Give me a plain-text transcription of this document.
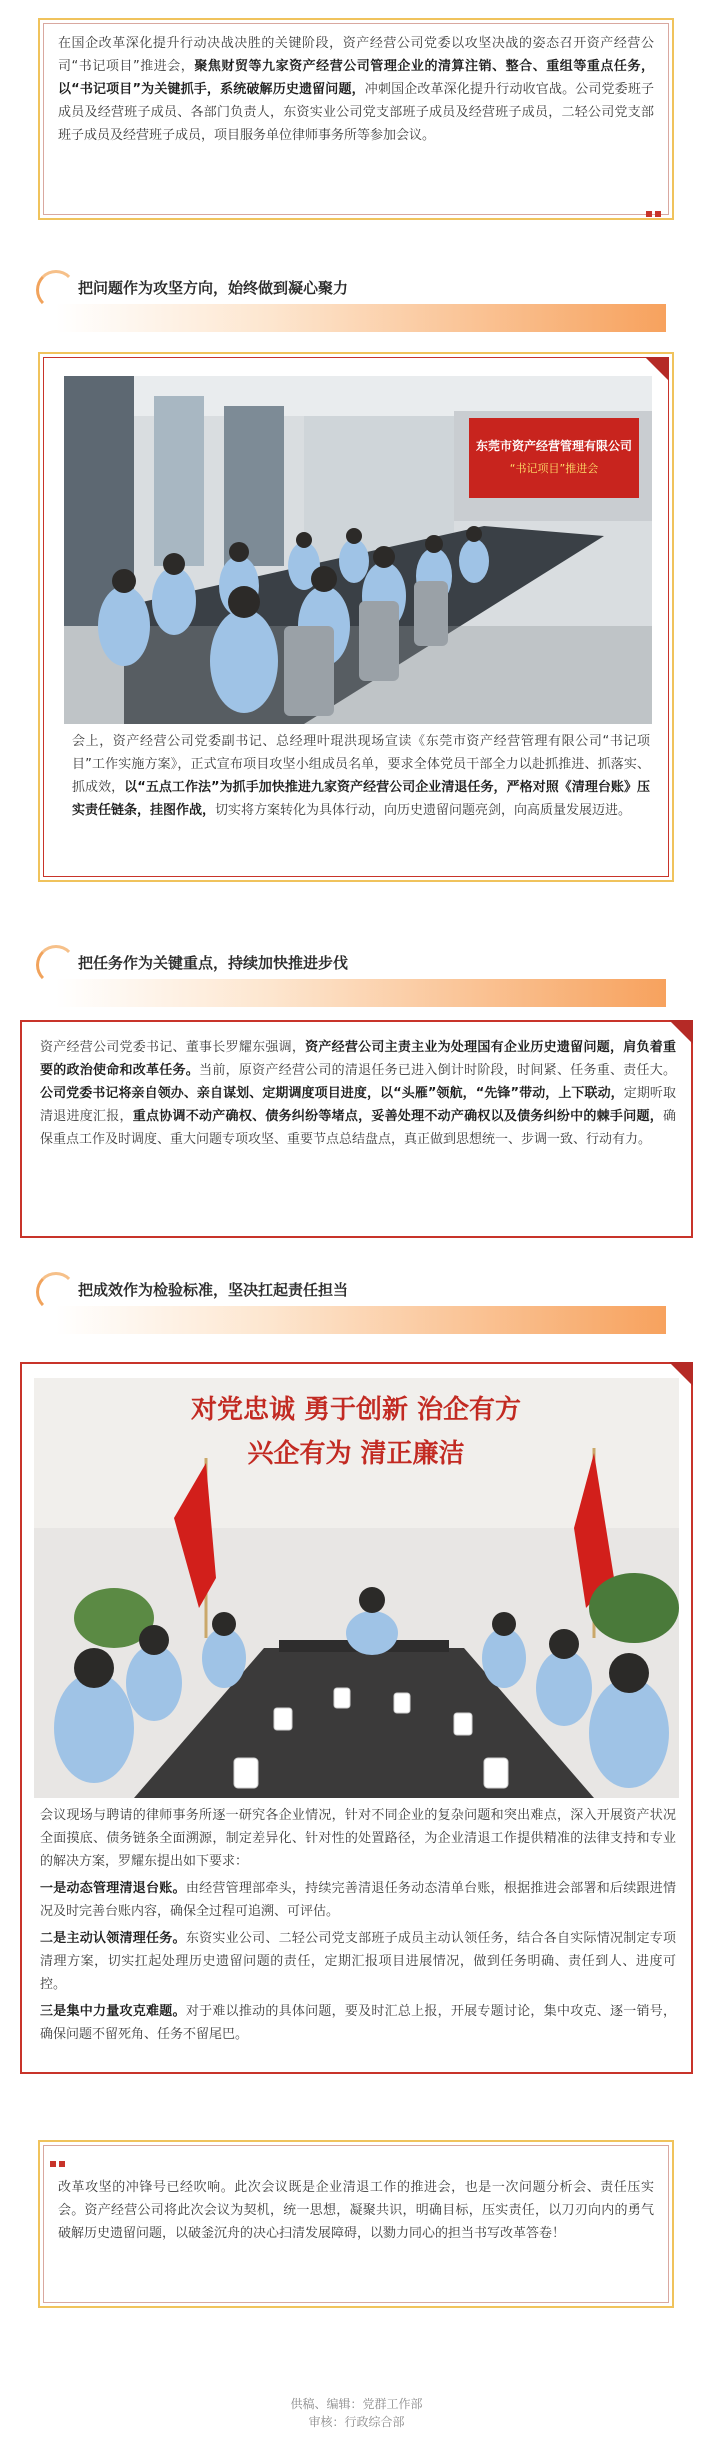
在国企改革深化提升行动决战决胜的关键阶段，资产经营公司党委以攻坚决战的姿态召开资产经营公司“书记项目”推进会，聚焦财贸等九家资产经营公司管理企业的清算注销、整合、重组等重点任务，以“书记项目”为关键抓手，系统破解历史遗留问题，冲刺国企改革深化提升行动收官战。公司党委班子成员及经营班子成员、各部门负责人，东资实业公司党支部班子成员及经营班子成员，二轻公司党支部班子成员及经营班子成员，项目服务单位律师事务所等参加会议。

把问题作为攻坚方向，始终做到凝心聚力
东莞市资产经营管理有限公司
“书记项目”推进会

会上，资产经营公司党委副书记、总经理叶琨洪现场宣读《东莞市资产经营管理有限公司“书记项目”工作实施方案》，正式宣布项目攻坚小组成员名单，要求全体党员干部全力以赴抓推进、抓落实、抓成效，以“五点工作法”为抓手加快推进九家资产经营公司企业清退任务，严格对照《清理台账》压实责任链条，挂图作战，切实将方案转化为具体行动，向历史遗留问题亮剑，向高质量发展迈进。

把任务作为关键重点，持续加快推进步伐

资产经营公司党委书记、董事长罗耀东强调，资产经营公司主责主业为处理国有企业历史遗留问题，肩负着重要的政治使命和改革任务。当前，原资产经营公司的清退任务已进入倒计时阶段，时间紧、任务重、责任大。公司党委书记将亲自领办、亲自谋划、定期调度项目进度，以“头雁”领航，“先锋”带动，上下联动，定期听取清退进度汇报，重点协调不动产确权、债务纠纷等堵点，妥善处理不动产确权以及债务纠纷中的棘手问题，确保重点工作及时调度、重大问题专项攻坚、重要节点总结盘点，真正做到思想统一、步调一致、行动有力。

把成效作为检验标准，坚决扛起责任担当
对党忠诚 勇于创新 治企有方
兴企有为 清正廉洁

会议现场与聘请的律师事务所逐一研究各企业情况，针对不同企业的复杂问题和突出难点，深入开展资产状况全面摸底、债务链条全面溯源，制定差异化、针对性的处置路径，为企业清退工作提供精准的法律支持和专业的解决方案，罗耀东提出如下要求：

一是动态管理清退台账。由经营管理部牵头，持续完善清退任务动态清单台账，根据推进会部署和后续跟进情况及时完善台账内容，确保全过程可追溯、可评估。

二是主动认领清理任务。东资实业公司、二轻公司党支部班子成员主动认领任务，结合各自实际情况制定专项清理方案，切实扛起处理历史遗留问题的责任，定期汇报项目进展情况，做到任务明确、责任到人、进度可控。

三是集中力量攻克难题。对于难以推动的具体问题，要及时汇总上报，开展专题讨论，集中攻克、逐一销号，确保问题不留死角、任务不留尾巴。

改革攻坚的冲锋号已经吹响。此次会议既是企业清退工作的推进会，也是一次问题分析会、责任压实会。资产经营公司将此次会议为契机，统一思想，凝聚共识，明确目标，压实责任，以刀刃向内的勇气破解历史遗留问题，以破釜沉舟的决心扫清发展障碍，以勠力同心的担当书写改革答卷！

供稿、编辑：党群工作部
审核：行政综合部
